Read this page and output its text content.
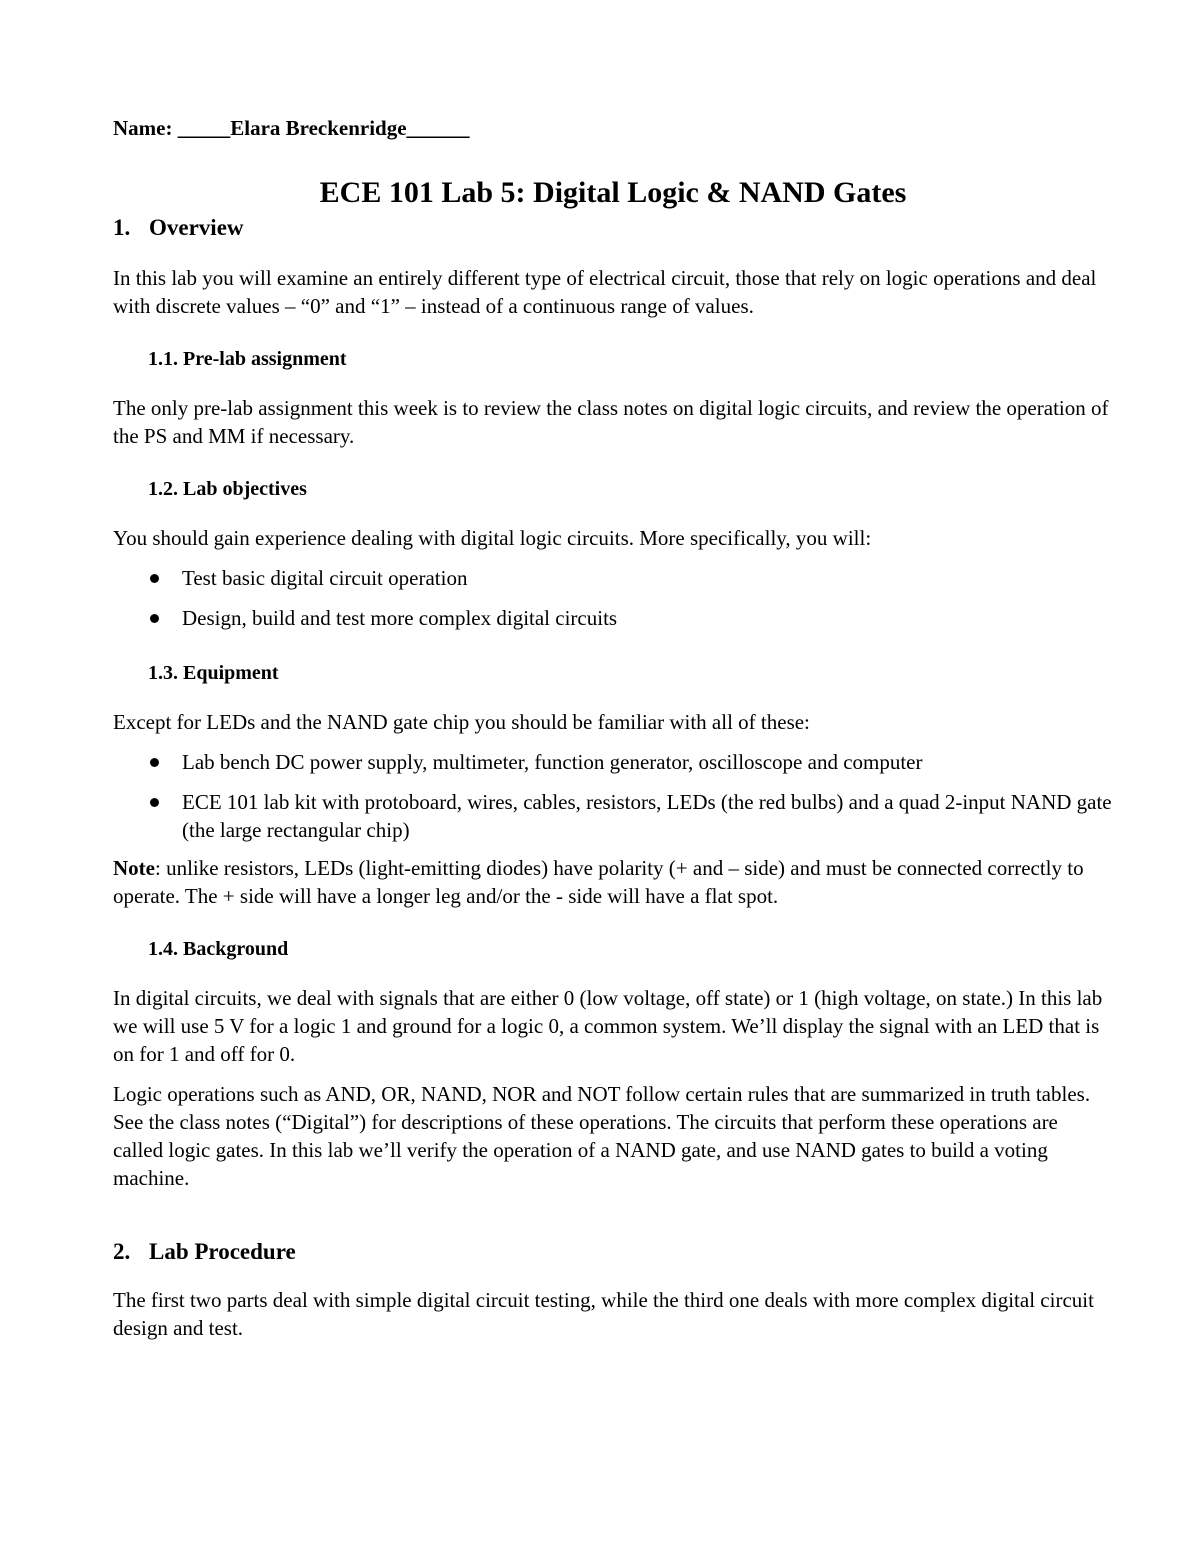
Name: _____Elara Breckenridge______

ECE 101 Lab 5: Digital Logic & NAND Gates
1. Overview

In this lab you will examine an entirely different type of electrical circuit, those that rely on logic operations and deal with discrete values – “0” and “1” – instead of a continuous range of values.

1.1. Pre-lab assignment

The only pre-lab assignment this week is to review the class notes on digital logic circuits, and review the operation of the PS and MM if necessary.

1.2. Lab objectives

You should gain experience dealing with digital logic circuits. More specifically, you will:

Test basic digital circuit operation
Design, build and test more complex digital circuits
1.3. Equipment

Except for LEDs and the NAND gate chip you should be familiar with all of these:

Lab bench DC power supply, multimeter, function generator, oscilloscope and computer
ECE 101 lab kit with protoboard, wires, cables, resistors, LEDs (the red bulbs) and a quad 2-input NAND gate (the large rectangular chip)

Note: unlike resistors, LEDs (light-emitting diodes) have polarity (+ and – side) and must be connected correctly to operate. The + side will have a longer leg and/or the - side will have a flat spot.

1.4. Background

In digital circuits, we deal with signals that are either 0 (low voltage, off state) or 1 (high voltage, on state.) In this lab we will use 5 V for a logic 1 and ground for a logic 0, a common system. We’ll display the signal with an LED that is on for 1 and off for 0.

Logic operations such as AND, OR, NAND, NOR and NOT follow certain rules that are summarized in truth tables. See the class notes (“Digital”) for descriptions of these operations. The circuits that perform these operations are called logic gates. In this lab we’ll verify the operation of a NAND gate, and use NAND gates to build a voting machine.

2. Lab Procedure

The first two parts deal with simple digital circuit testing, while the third one deals with more complex digital circuit design and test.
